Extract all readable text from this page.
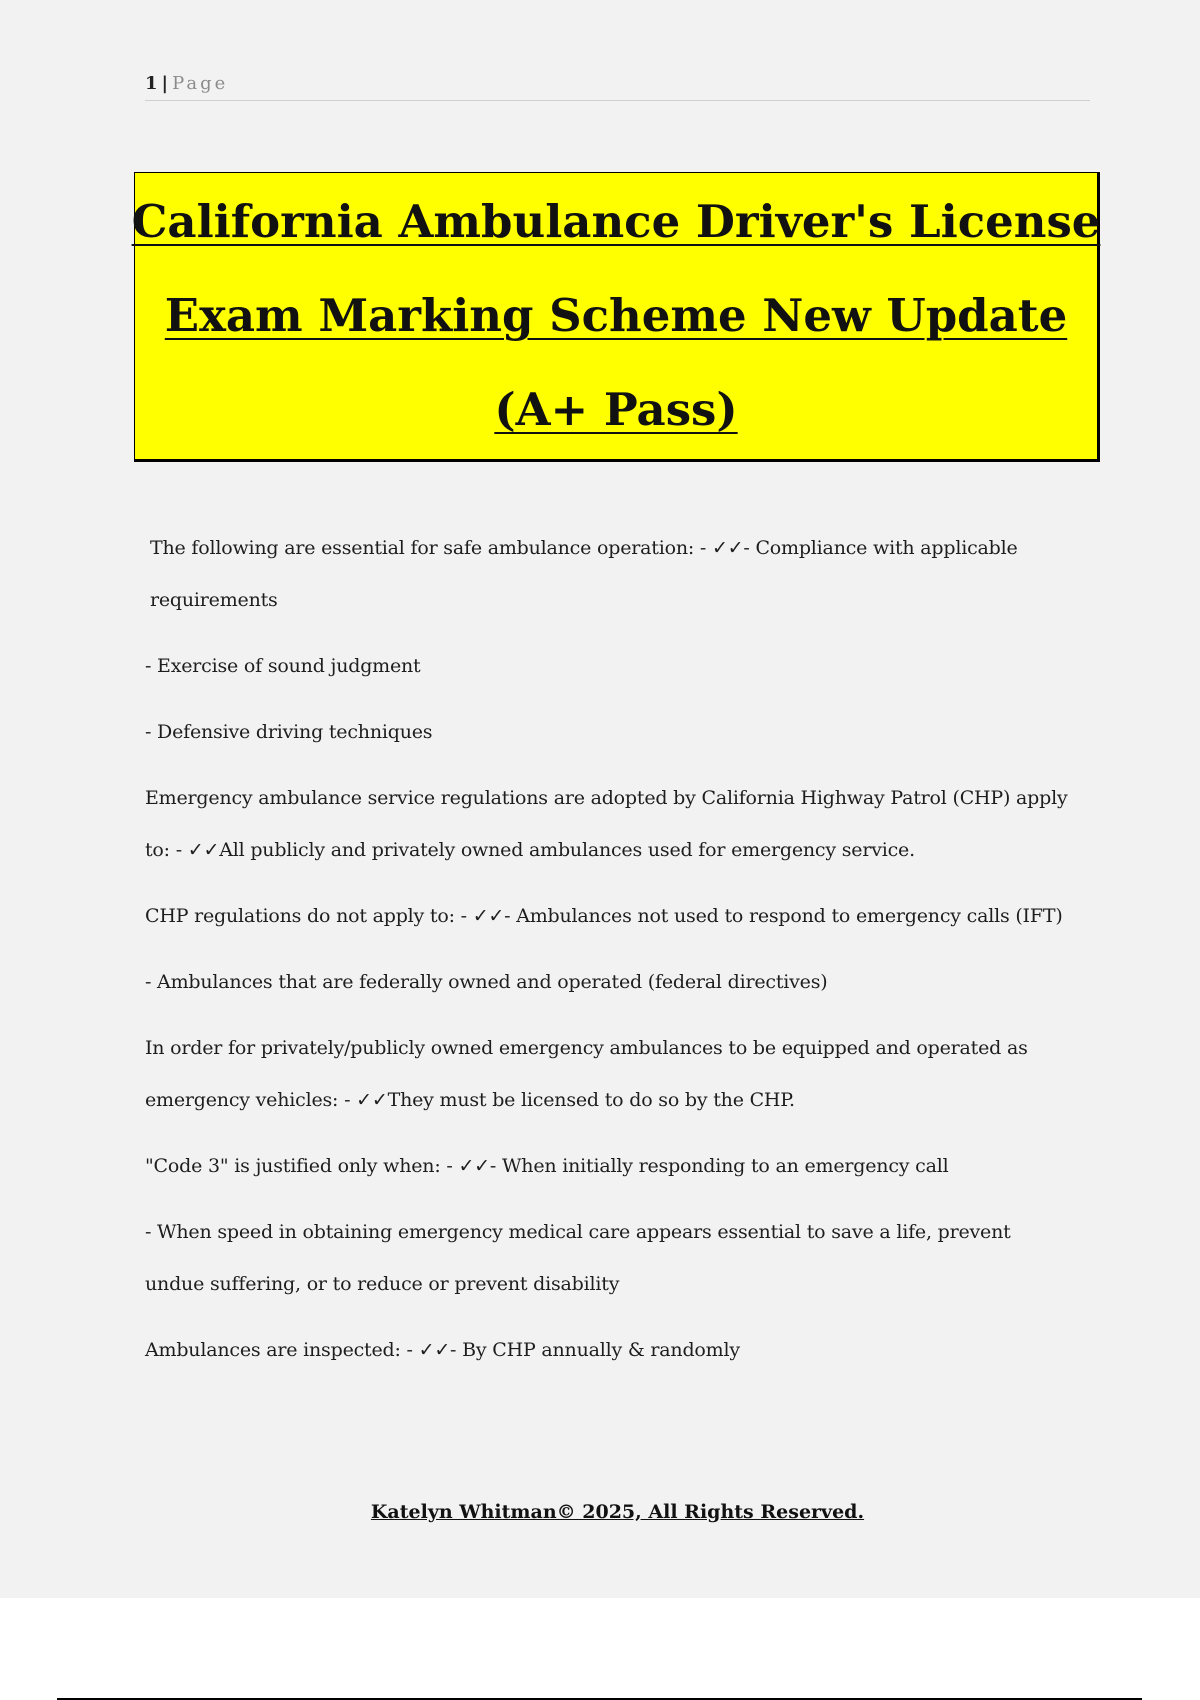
1 | Page
California Ambulance Driver's License
Exam Marking Scheme New Update
(A+ Pass)

The following are essential for safe ambulance operation: - ✓✓- Compliance with applicable requirements

- Exercise of sound judgment

- Defensive driving techniques

Emergency ambulance service regulations are adopted by California Highway Patrol (CHP) apply to: - ✓✓All publicly and privately owned ambulances used for emergency service.

CHP regulations do not apply to: - ✓✓- Ambulances not used to respond to emergency calls (IFT)

- Ambulances that are federally owned and operated (federal directives)

In order for privately/publicly owned emergency ambulances to be equipped and operated as emergency vehicles: - ✓✓They must be licensed to do so by the CHP.

"Code 3" is justified only when: - ✓✓- When initially responding to an emergency call

- When speed in obtaining emergency medical care appears essential to save a life, prevent undue suffering, or to reduce or prevent disability

Ambulances are inspected: - ✓✓- By CHP annually & randomly

Katelyn Whitman© 2025, All Rights Reserved.
